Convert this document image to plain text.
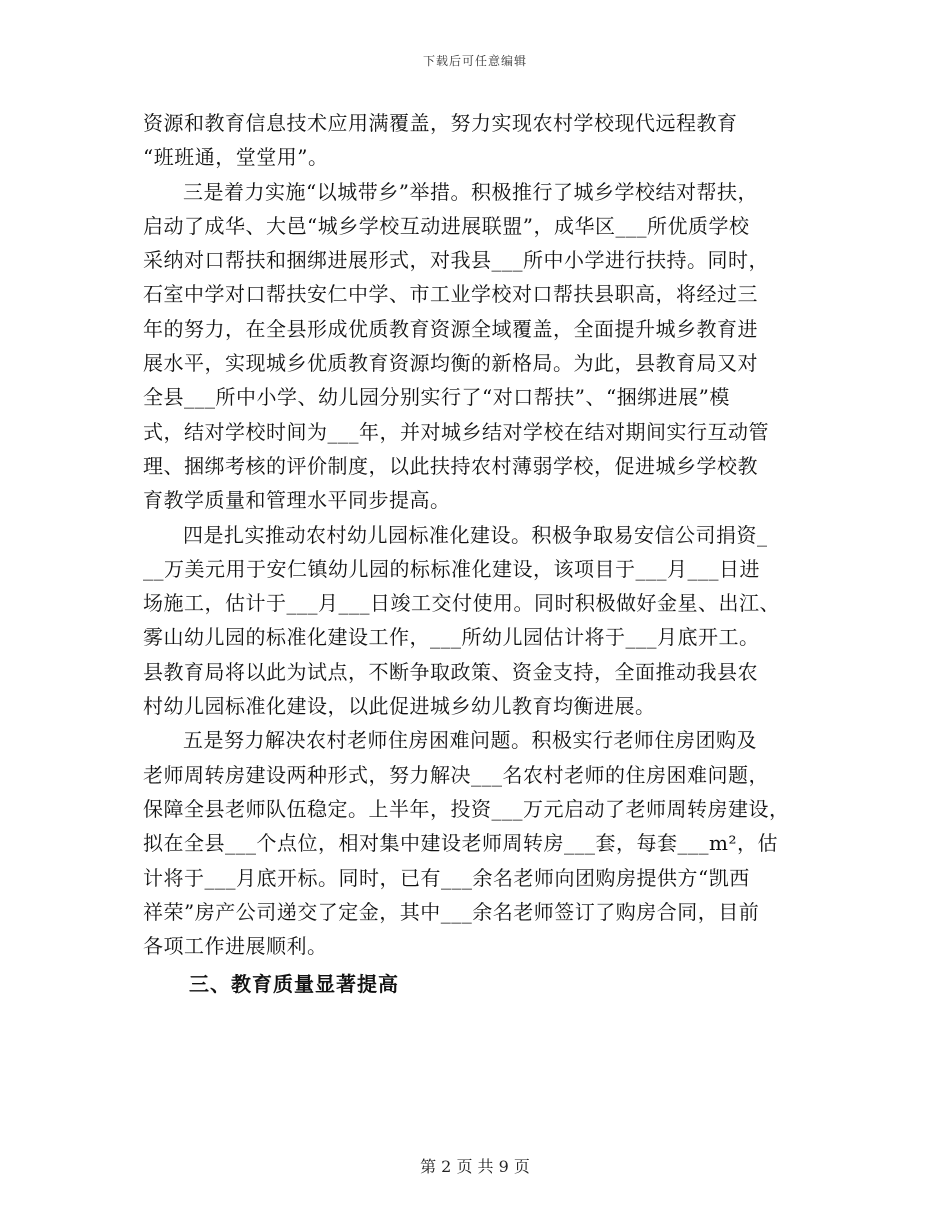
下载后可任意编辑
资源和教育信息技术应用满覆盖，努力实现农村学校现代远程教育
“班班通，堂堂用”。
三是着力实施“以城带乡”举措。积极推行了城乡学校结对帮扶，
启动了成华、大邑“城乡学校互动进展联盟”，成华区___所优质学校
采纳对口帮扶和捆绑进展形式，对我县___所中小学进行扶持。同时，
石室中学对口帮扶安仁中学、市工业学校对口帮扶县职高，将经过三
年的努力，在全县形成优质教育资源全域覆盖，全面提升城乡教育进
展水平，实现城乡优质教育资源均衡的新格局。为此，县教育局又对
全县___所中小学、幼儿园分别实行了“对口帮扶”、“捆绑进展”模
式，结对学校时间为___年，并对城乡结对学校在结对期间实行互动管
理、捆绑考核的评价制度，以此扶持农村薄弱学校，促进城乡学校教
育教学质量和管理水平同步提高。
四是扎实推动农村幼儿园标准化建设。积极争取易安信公司捐资_
__万美元用于安仁镇幼儿园的标标准化建设，该项目于___月___日进
场施工，估计于___月___日竣工交付使用。同时积极做好金星、出江、
雾山幼儿园的标准化建设工作，___所幼儿园估计将于___月底开工。
县教育局将以此为试点，不断争取政策、资金支持，全面推动我县农
村幼儿园标准化建设，以此促进城乡幼儿教育均衡进展。
五是努力解决农村老师住房困难问题。积极实行老师住房团购及
老师周转房建设两种形式，努力解决___名农村老师的住房困难问题，
保障全县老师队伍稳定。上半年，投资___万元启动了老师周转房建设，
拟在全县___个点位，相对集中建设老师周转房___套，每套___m²，估
计将于___月底开标。同时，已有___余名老师向团购房提供方“凯西
祥荣”房产公司递交了定金，其中___余名老师签订了购房合同，目前
各项工作进展顺利。
三、教育质量显著提高
第 2 页 共 9 页
